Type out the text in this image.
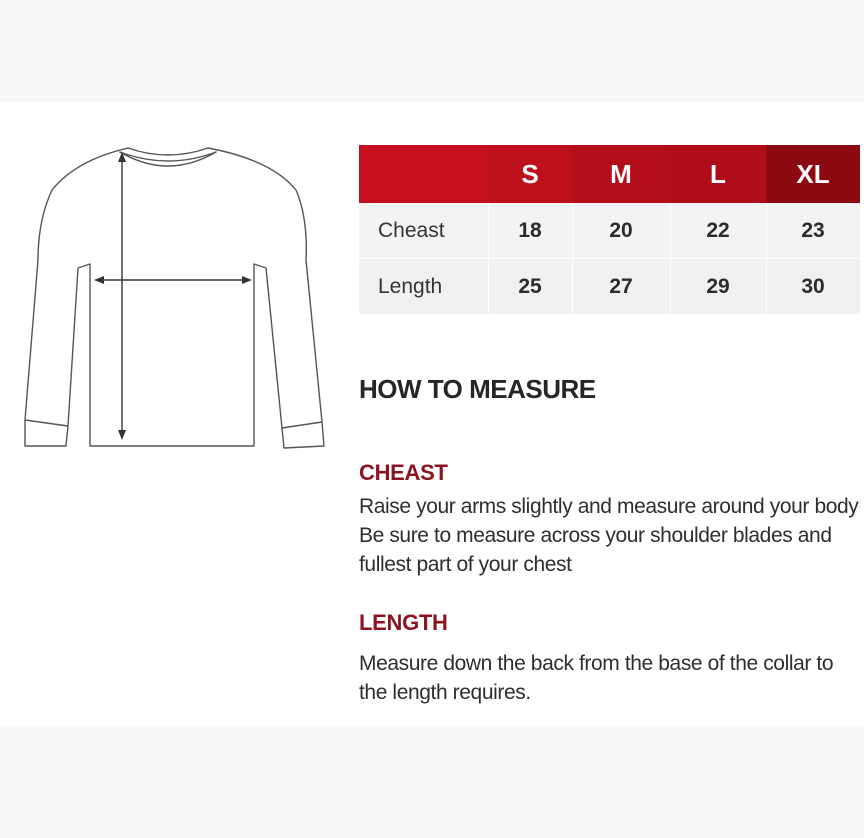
	S	M	L	XL
Cheast	18	20	22	23
Length	25	27	29	30
HOW TO MEASURE
CHEAST
Raise your arms slightly and measure around your body Be sure to measure across your shoulder blades and fullest part of your chest
LENGTH
Measure down the back from the base of the collar to the length requires.
